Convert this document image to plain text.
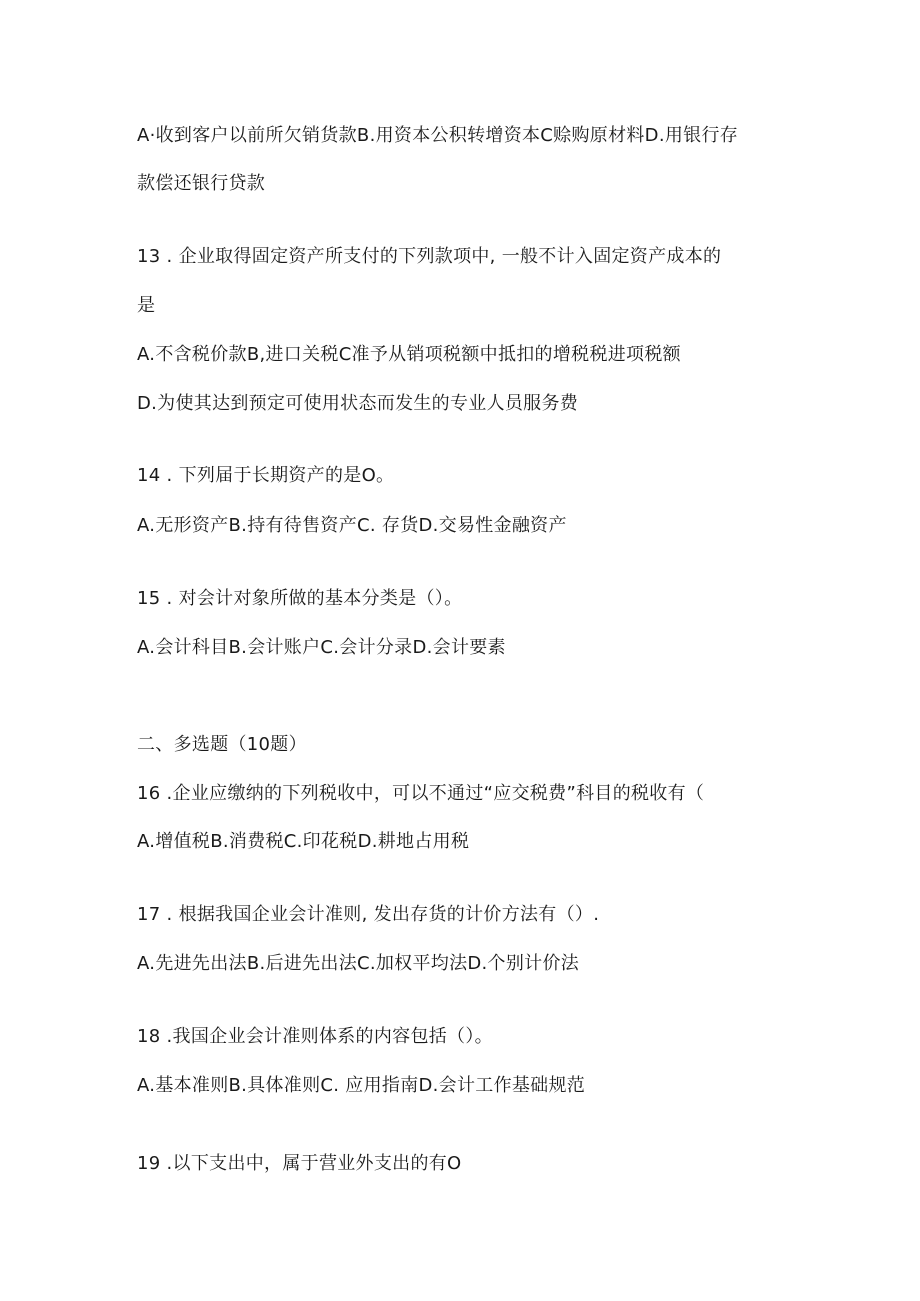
A·收到客户以前所欠销货款B.用资本公积转增资本C赊购原材料D.用银行存
款偿还银行贷款
13 . 企业取得固定资产所支付的下列款项中, 一般不计入固定资产成本的
是
A.不含税价款B,进口关税C准予从销项税额中抵扣的增税税进项税额
D.为使其达到预定可使用状态而发生的专业人员服务费
14 . 下列届于长期资产的是O。
A.无形资产B.持有待售资产C. 存货D.交易性金融资产
15 . 对会计对象所做的基本分类是（）。
A.会计科目B.会计账户C.会计分录D.会计要素
二、多选题（10题）
16 .企业应缴纳的下列税收中，可以不通过“应交税费”科目的税收有（
A.增值税B.消费税C.印花税D.耕地占用税
17 . 根据我国企业会计准则, 发出存货的计价方法有（）.
A.先进先出法B.后进先出法C.加权平均法D.个别计价法
18 .我国企业会计准则体系的内容包括（）。
A.基本准则B.具体准则C. 应用指南D.会计工作基础规范
19 .以下支出中，属于营业外支出的有O
